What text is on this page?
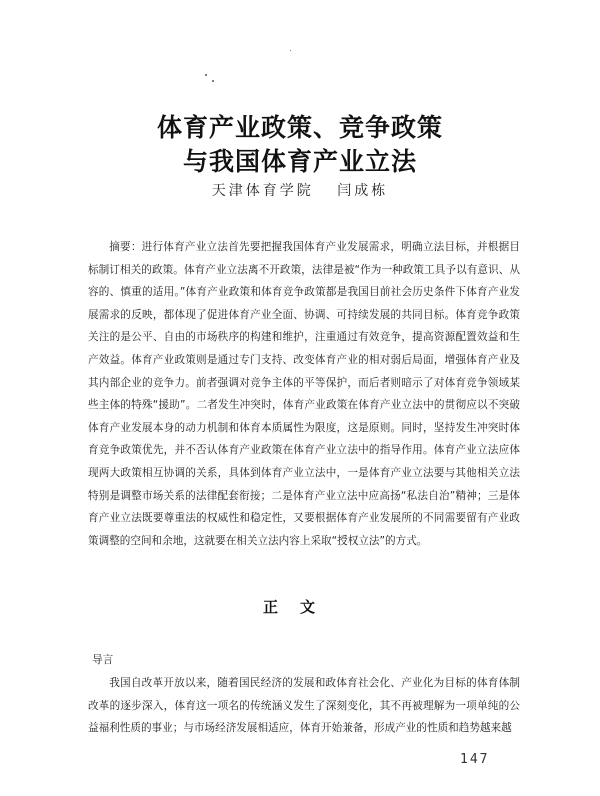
体育产业政策、竞争政策
与我国体育产业立法
天津体育学院 闫成栋
摘要：进行体育产业立法首先要把握我国体育产业发展需求，明确立法目标，并根据目标制订相关的政策。体育产业立法离不开政策，法律是被“作为一种政策工具予以有意识、从容的、慎重的适用。”体育产业政策和体育竞争政策都是我国目前社会历史条件下体育产业发展需求的反映，都体现了促进体育产业全面、协调、可持续发展的共同目标。体育竞争政策关注的是公平、自由的市场秩序的构建和维护，注重通过有效竞争，提高资源配置效益和生产效益。体育产业政策则是通过专门支持、改变体育产业的相对弱后局面，增强体育产业及其内部企业的竞争力。前者强调对竞争主体的平等保护，而后者则暗示了对体育竞争领域某些主体的特殊“援助”。二者发生冲突时，体育产业政策在体育产业立法中的贯彻应以不突破体育产业发展本身的动力机制和体育本质属性为限度，这是原则。同时，坚持发生冲突时体育竞争政策优先，并不否认体育产业政策在体育产业立法中的指导作用。体育产业立法应体现两大政策相互协调的关系，具体到体育产业立法中，一是体育产业立法要与其他相关立法特别是调整市场关系的法律配套衔接；二是体育产业立法中应高扬“私法自治”精神；三是体育产业立法既要尊重法的权威性和稳定性，又要根据体育产业发展所的不同需要留有产业政策调整的空间和余地，这就要在相关立法内容上采取“授权立法”的方式。
正文
导言
我国自改革开放以来，随着国民经济的发展和政体育社会化、产业化为目标的体育体制改革的逐步深入，体育这一项名的传统涵义发生了深刻变化，其不再被理解为一项单纯的公益福利性质的事业；与市场经济发展相适应，体育开始兼备，形成产业的性质和趋势越来越
147
